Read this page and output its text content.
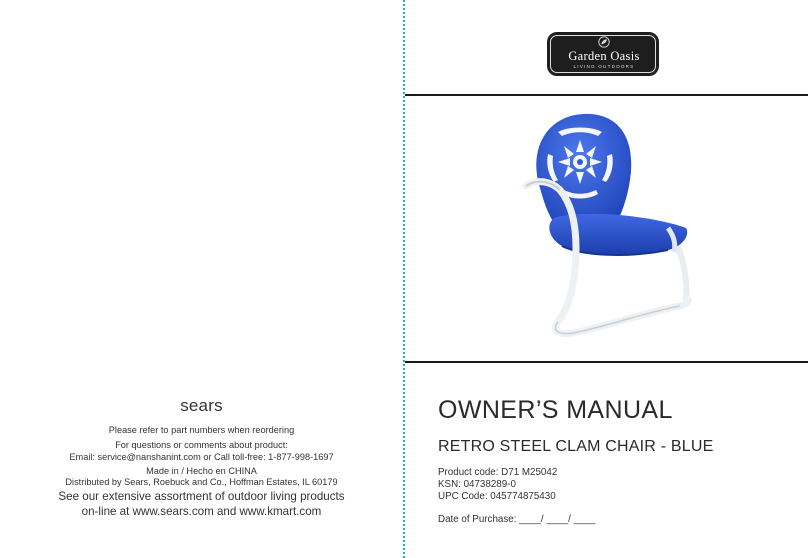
sears
Please refer to part numbers when reordering
For questions or comments about product:
Email: service@nanshanint.com or Call toll-free: 1-877-998-1697
Made in / Hecho en CHINA
Distributed by Sears, Roebuck and Co., Hoffman Estates, IL 60179
See our extensive assortment of outdoor living products
on-line at www.sears.com and www.kmart.com
Garden Oasis
LIVING OUTDOORS
OWNER’S MANUAL
RETRO STEEL CLAM CHAIR - BLUE
Product code: D71 M25042
KSN: 04738289-0
UPC Code: 045774875430
Date of Purchase: ____/ ____/ ____
